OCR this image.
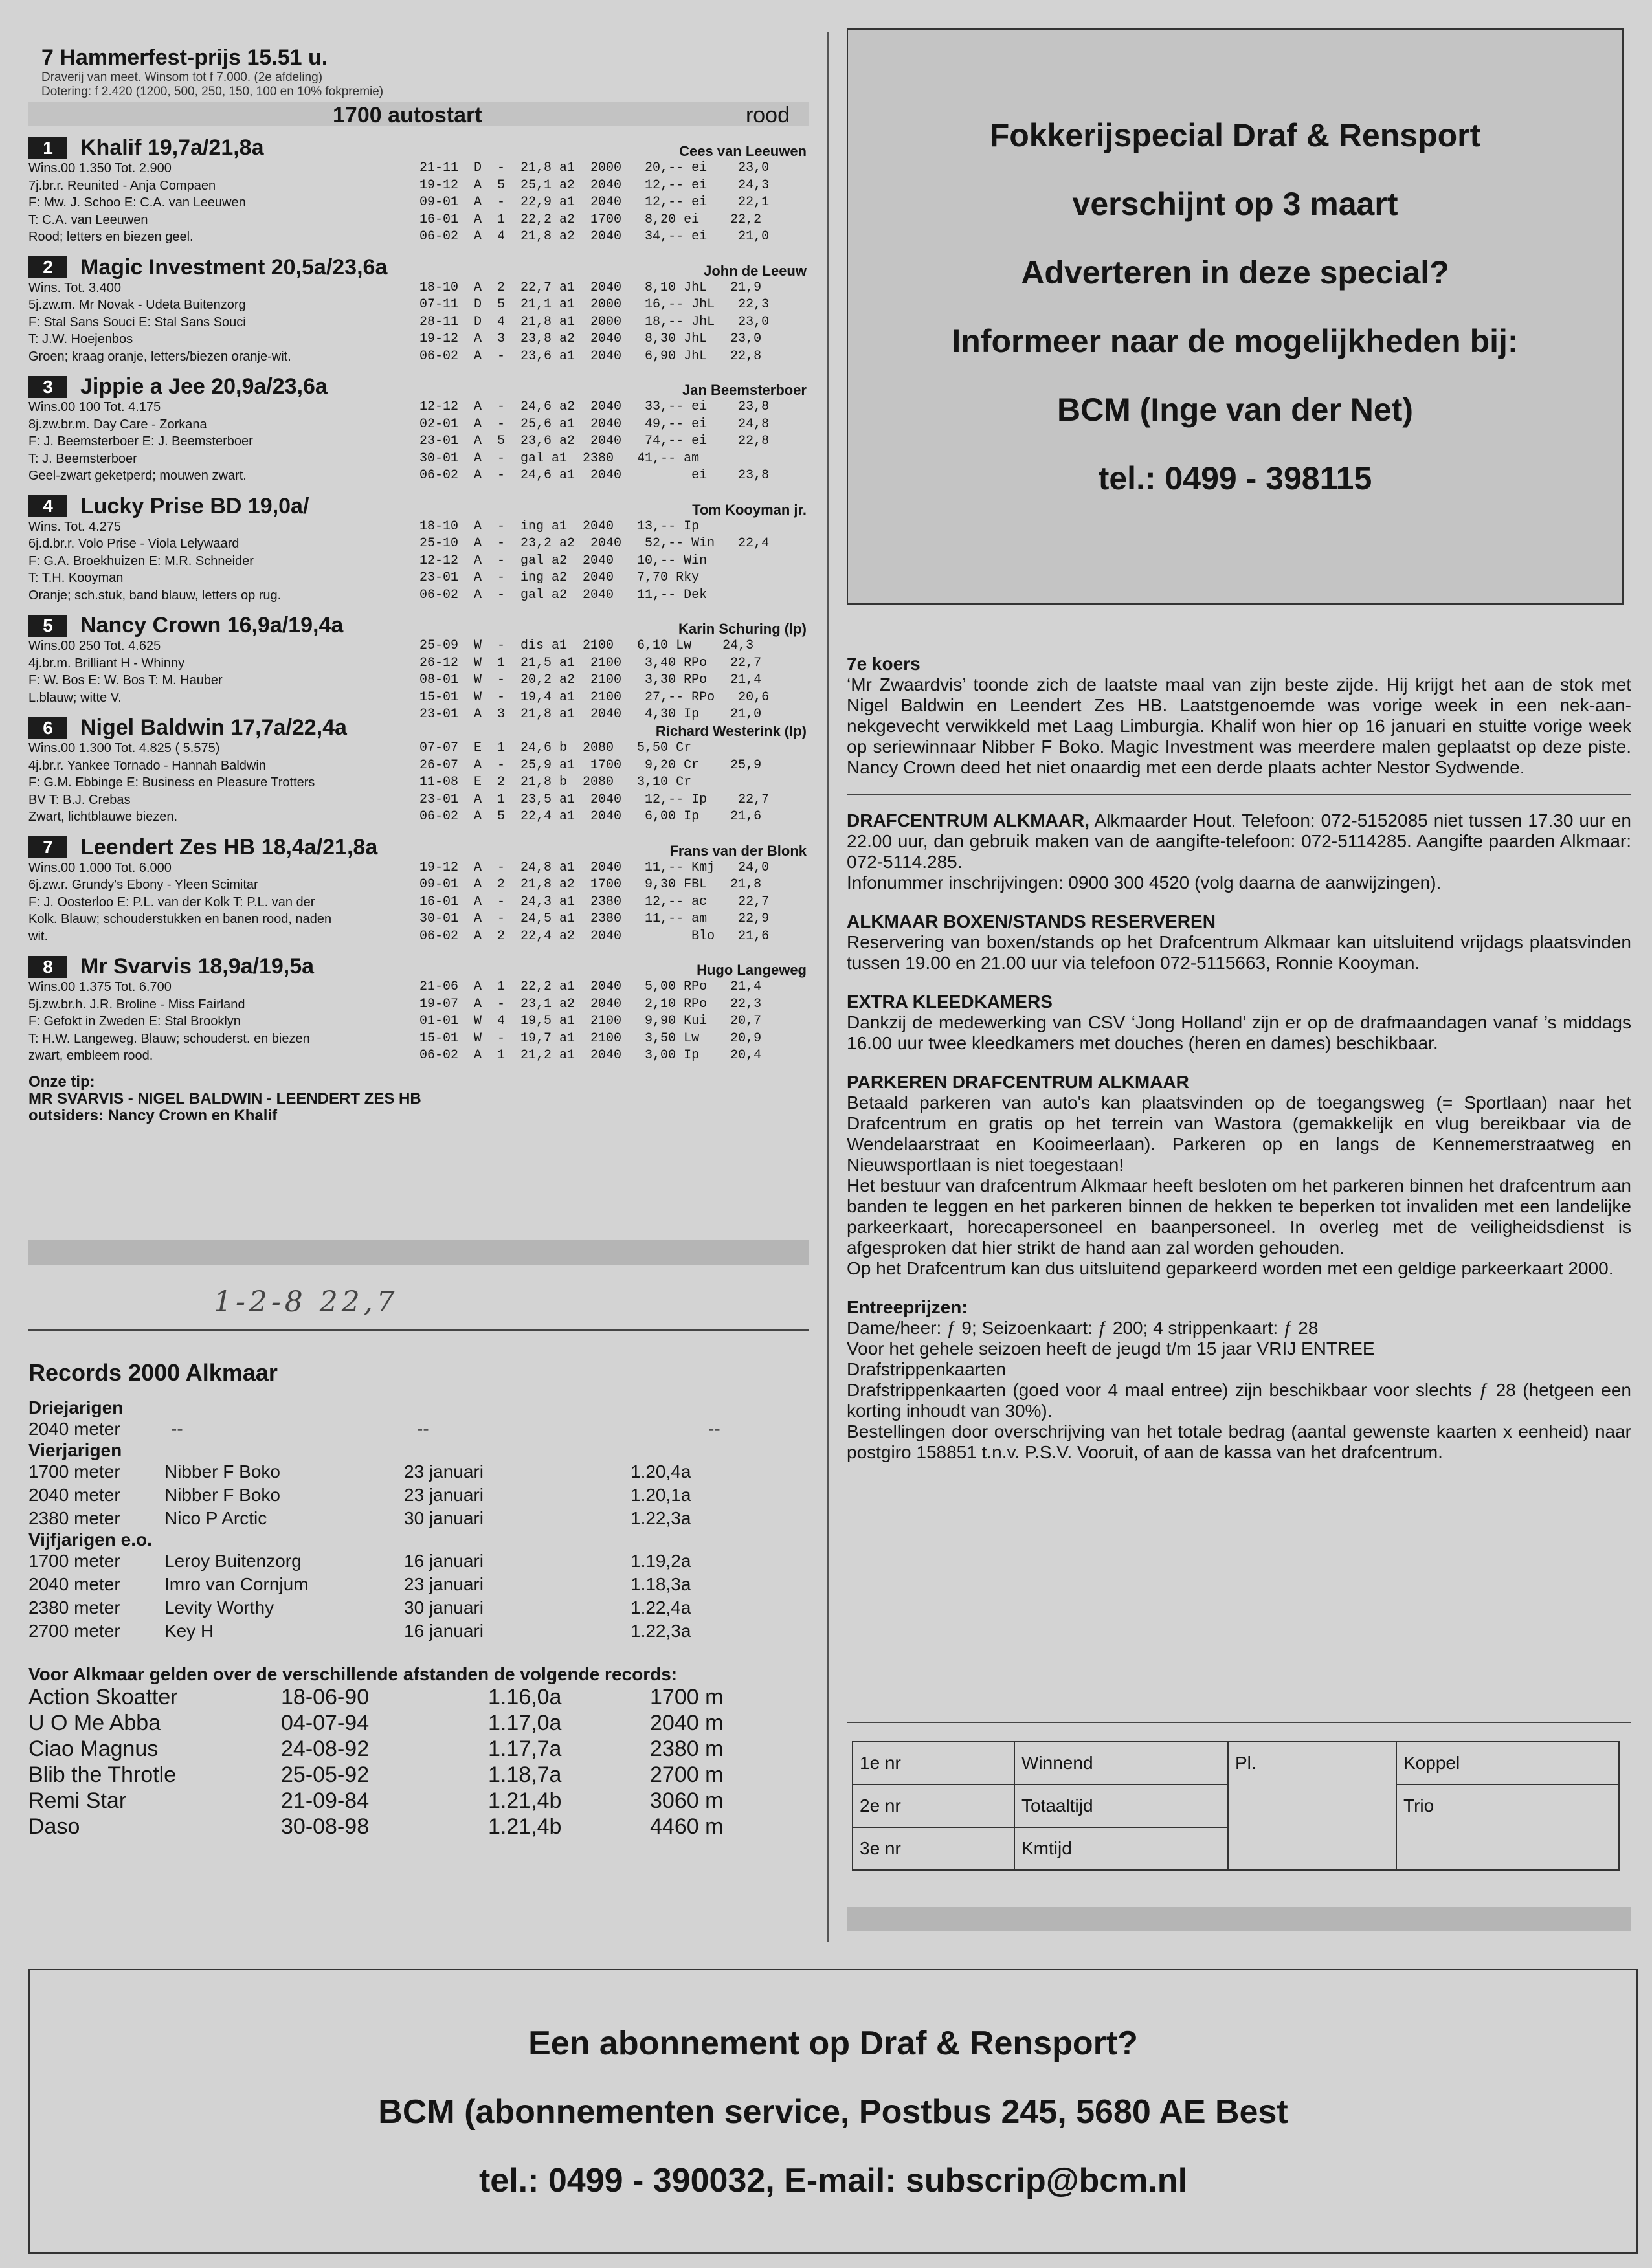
7 Hammerfest-prijs 15.51 u.
Draverij van meet. Winsom tot f 7.000. (2e afdeling)
Dotering: f 2.420 (1200, 500, 250, 150, 100 en 10% fokpremie)
1700 autostart	rood
1 Khalif 19,7a/21,8a	Cees van Leeuwen
Wins.00 1.350 Tot. 2.900
7j.br.r. Reunited - Anja Compaen
F: Mw. J. Schoo E: C.A. van Leeuwen
T: C.A. van Leeuwen
Rood; letters en biezen geel.
21-11  D  -  21,8 a1  2000   20,-- ei    23,0
19-12  A  5  25,1 a2  2040   12,-- ei    24,3
09-01  A  -  22,9 a1  2040   12,-- ei    22,1
16-01  A  1  22,2 a2  1700   8,20 ei    22,2
06-02  A  4  21,8 a2  2040   34,-- ei    21,0
2 Magic Investment 20,5a/23,6a	John de Leeuw
Wins. Tot. 3.400
5j.zw.m. Mr Novak - Udeta Buitenzorg
F: Stal Sans Souci E: Stal Sans Souci
T: J.W. Hoejenbos
Groen; kraag oranje, letters/biezen oranje-wit.
18-10  A  2  22,7 a1  2040   8,10 JhL   21,9
07-11  D  5  21,1 a1  2000   16,-- JhL   22,3
28-11  D  4  21,8 a1  2000   18,-- JhL   23,0
19-12  A  3  23,8 a2  2040   8,30 JhL   23,0
06-02  A  -  23,6 a1  2040   6,90 JhL   22,8
3 Jippie a Jee 20,9a/23,6a	Jan Beemsterboer
Wins.00 100 Tot. 4.175
8j.zw.br.m. Day Care - Zorkana
F: J. Beemsterboer E: J. Beemsterboer
T: J. Beemsterboer
Geel-zwart geketperd; mouwen zwart.
12-12  A  -  24,6 a2  2040   33,-- ei    23,8
02-01  A  -  25,6 a1  2040   49,-- ei    24,8
23-01  A  5  23,6 a2  2040   74,-- ei    22,8
30-01  A  -  gal a1  2380   41,-- am
06-02  A  -  24,6 a1  2040         ei    23,8
4 Lucky Prise BD 19,0a/	Tom Kooyman jr.
Wins. Tot. 4.275
6j.d.br.r. Volo Prise - Viola Lelywaard
F: G.A. Broekhuizen E: M.R. Schneider
T: T.H. Kooyman
Oranje; sch.stuk, band blauw, letters op rug.
18-10  A  -  ing a1  2040   13,-- Ip
25-10  A  -  23,2 a2  2040   52,-- Win   22,4
12-12  A  -  gal a2  2040   10,-- Win
23-01  A  -  ing a2  2040   7,70 Rky
06-02  A  -  gal a2  2040   11,-- Dek
5 Nancy Crown 16,9a/19,4a	Karin Schuring (lp)
Wins.00 250 Tot. 4.625
4j.br.m. Brilliant H - Whinny
F: W. Bos E: W. Bos T: M. Hauber
L.blauw; witte V.
25-09  W  -  dis a1  2100   6,10 Lw    24,3
26-12  W  1  21,5 a1  2100   3,40 RPo   22,7
08-01  W  -  20,2 a2  2100   3,30 RPo   21,4
15-01  W  -  19,4 a1  2100   27,-- RPo   20,6
23-01  A  3  21,8 a1  2040   4,30 Ip    21,0
6 Nigel Baldwin 17,7a/22,4a	Richard Westerink (lp)
Wins.00 1.300 Tot. 4.825 ( 5.575)
4j.br.r. Yankee Tornado - Hannah Baldwin
F: G.M. Ebbinge E: Business en Pleasure Trotters
BV T: B.J. Crebas
Zwart, lichtblauwe biezen.
07-07  E  1  24,6 b  2080   5,50 Cr
26-07  A  -  25,9 a1  1700   9,20 Cr    25,9
11-08  E  2  21,8 b  2080   3,10 Cr
23-01  A  1  23,5 a1  2040   12,-- Ip    22,7
06-02  A  5  22,4 a1  2040   6,00 Ip    21,6
7 Leendert Zes HB 18,4a/21,8a	Frans van der Blonk
Wins.00 1.000 Tot. 6.000
6j.zw.r. Grundy's Ebony - Yleen Scimitar
F: J. Oosterloo E: P.L. van der Kolk T: P.L. van der
Kolk. Blauw; schouderstukken en banen rood, naden
wit.
19-12  A  -  24,8 a1  2040   11,-- Kmj   24,0
09-01  A  2  21,8 a2  1700   9,30 FBL   21,8
16-01  A  -  24,3 a1  2380   12,-- ac    22,7
30-01  A  -  24,5 a1  2380   11,-- am    22,9
06-02  A  2  22,4 a2  2040         Blo   21,6
8 Mr Svarvis 18,9a/19,5a	Hugo Langeweg
Wins.00 1.375 Tot. 6.700
5j.zw.br.h. J.R. Broline - Miss Fairland
F: Gefokt in Zweden E: Stal Brooklyn
T: H.W. Langeweg. Blauw; schouderst. en biezen
zwart, embleem rood.
21-06  A  1  22,2 a1  2040   5,00 RPo   21,4
19-07  A  -  23,1 a2  2040   2,10 RPo   22,3
01-01  W  4  19,5 a1  2100   9,90 Kui   20,7
15-01  W  -  19,7 a1  2100   3,50 Lw    20,9
06-02  A  1  21,2 a1  2040   3,00 Ip    20,4
Onze tip:
MR SVARVIS - NIGEL BALDWIN - LEENDERT ZES HB
outsiders: Nancy Crown en Khalif
1-2-8 22,7
Records 2000 Alkmaar
Driejarigen
2040 meter	--	--	--
Vierjarigen
1700 meter Nibber F Boko	23 januari	1.20,4a
2040 meter Nibber F Boko	23 januari	1.20,1a
2380 meter Nico P Arctic	30 januari	1.22,3a
Vijfjarigen e.o.
1700 meter Leroy Buitenzorg	16 januari	1.19,2a
2040 meter Imro van Cornjum	23 januari	1.18,3a
2380 meter Levity Worthy	30 januari	1.22,4a
2700 meter Key H	16 januari	1.22,3a
Voor Alkmaar gelden over de verschillende afstanden de volgende records:
Action Skoatter	18-06-90	1.16,0a	1700 m
U O Me Abba	04-07-94	1.17,0a	2040 m
Ciao Magnus	24-08-92	1.17,7a	2380 m
Blib the Throtle	25-05-92	1.18,7a	2700 m
Remi Star	21-09-84	1.21,4b	3060 m
Daso	30-08-98	1.21,4b	4460 m
Fokkerijspecial Draf & Rensport
verschijnt op 3 maart
Adverteren in deze special?
Informeer naar de mogelijkheden bij:
BCM (Inge van der Net)
tel.: 0499 - 398115
7e koers
‘Mr Zwaardvis’ toonde zich de laatste maal van zijn beste zijde. Hij krijgt het aan de stok met Nigel Baldwin en Leendert Zes HB. Laatstgenoemde was vorige week in een nek-aan-nekgevecht verwikkeld met Laag Limburgia. Khalif won hier op 16 januari en stuitte vorige week op seriewinnaar Nibber F Boko. Magic Investment was meerdere malen geplaatst op deze piste. Nancy Crown deed het niet onaardig met een derde plaats achter Nestor Sydwende.
DRAFCENTRUM ALKMAAR, Alkmaarder Hout. Telefoon: 072-5152085 niet tussen 17.30 uur en 22.00 uur, dan gebruik maken van de aangifte-telefoon: 072-5114285. Aangifte paarden Alkmaar: 072-5114.285.
Infonummer inschrijvingen: 0900 300 4520 (volg daarna de aanwijzingen).
ALKMAAR BOXEN/STANDS RESERVEREN
Reservering van boxen/stands op het Drafcentrum Alkmaar kan uitsluitend vrijdags plaatsvinden tussen 19.00 en 21.00 uur via telefoon 072-5115663, Ronnie Kooyman.
EXTRA KLEEDKAMERS
Dankzij de medewerking van CSV ‘Jong Holland’ zijn er op de drafmaandagen vanaf ’s middags 16.00 uur twee kleedkamers met douches (heren en dames) beschikbaar.
PARKEREN DRAFCENTRUM ALKMAAR
Betaald parkeren van auto's kan plaatsvinden op de toegangsweg (= Sportlaan) naar het Drafcentrum en gratis op het terrein van Wastora (gemakkelijk en vlug bereikbaar via de Wendelaarstraat en Kooimeerlaan). Parkeren op en langs de Kennemerstraatweg en Nieuwsportlaan is niet toegestaan!
Het bestuur van drafcentrum Alkmaar heeft besloten om het parkeren binnen het drafcentrum aan banden te leggen en het parkeren binnen de hekken te beperken tot invaliden met een landelijke parkeerkaart, horecapersoneel en baanpersoneel. In overleg met de veiligheidsdienst is afgesproken dat hier strikt de hand aan zal worden gehouden.
Op het Drafcentrum kan dus uitsluitend geparkeerd worden met een geldige parkeerkaart 2000.
Entreeprijzen:
Dame/heer: ƒ 9; Seizoenkaart: ƒ 200; 4 strippenkaart: ƒ 28
Voor het gehele seizoen heeft de jeugd t/m 15 jaar VRIJ ENTREE
Drafstrippenkaarten
Drafstrippenkaarten (goed voor 4 maal entree) zijn beschikbaar voor slechts ƒ 28 (hetgeen een korting inhoudt van 30%).
Bestellingen door overschrijving van het totale bedrag (aantal gewenste kaarten x eenheid) naar postgiro 158851 t.n.v. P.S.V. Vooruit, of aan de kassa van het drafcentrum.
1e nr	Winnend	Pl.	Koppel
2e nr	Totaaltijd		Trio
3e nr	Kmtijd		
Een abonnement op Draf & Rensport?
BCM (abonnementen service, Postbus 245, 5680 AE Best
tel.: 0499 - 390032, E-mail: subscrip@bcm.nl
